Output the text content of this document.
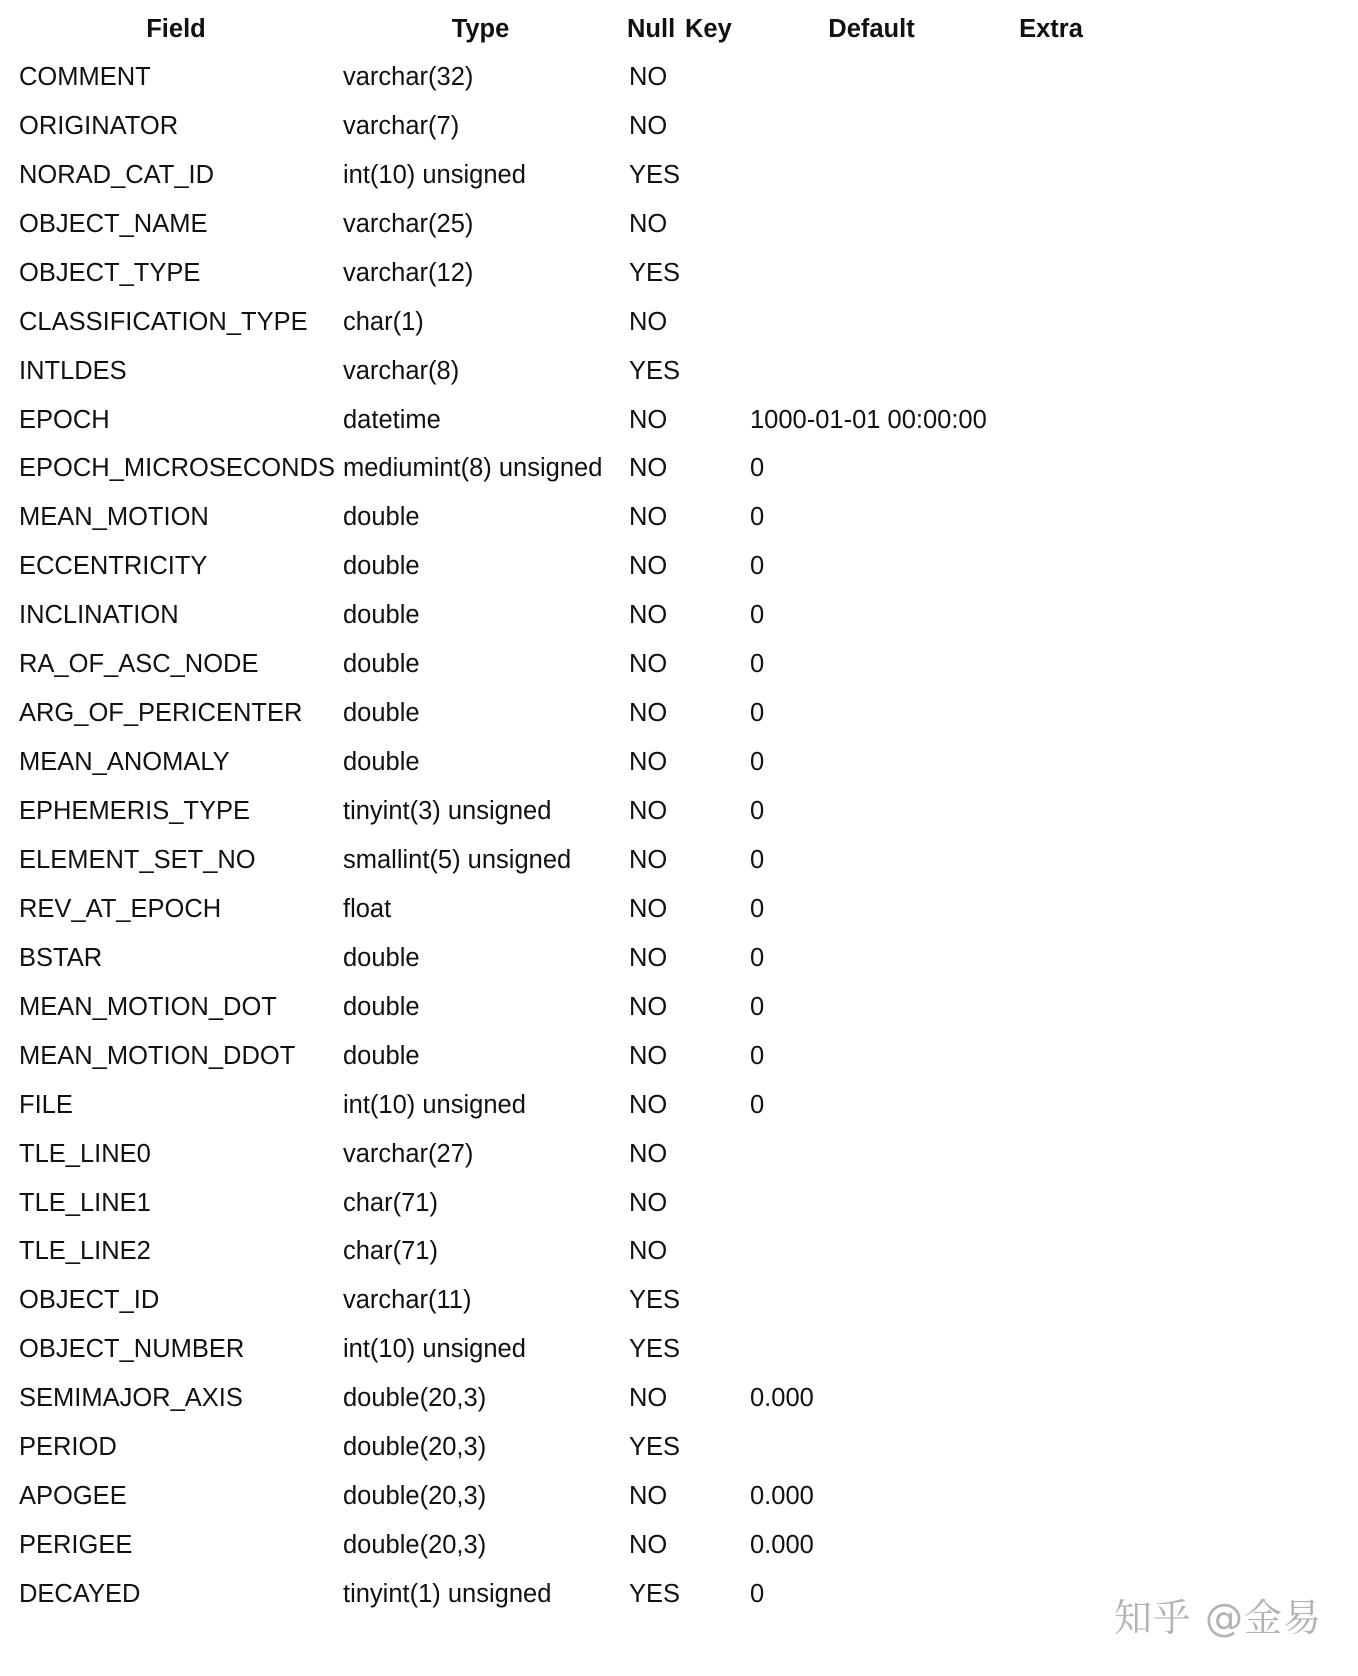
Field	Type	Null	Key	Default	Extra
COMMENT	varchar(32)	NO			
ORIGINATOR	varchar(7)	NO			
NORAD_CAT_ID	int(10) unsigned	YES			
OBJECT_NAME	varchar(25)	NO			
OBJECT_TYPE	varchar(12)	YES			
CLASSIFICATION_TYPE	char(1)	NO			
INTLDES	varchar(8)	YES			
EPOCH	datetime	NO		1000-01-01 00:00:00	
EPOCH_MICROSECONDS	mediumint(8) unsigned	NO		0	
MEAN_MOTION	double	NO		0	
ECCENTRICITY	double	NO		0	
INCLINATION	double	NO		0	
RA_OF_ASC_NODE	double	NO		0	
ARG_OF_PERICENTER	double	NO		0	
MEAN_ANOMALY	double	NO		0	
EPHEMERIS_TYPE	tinyint(3) unsigned	NO		0	
ELEMENT_SET_NO	smallint(5) unsigned	NO		0	
REV_AT_EPOCH	float	NO		0	
BSTAR	double	NO		0	
MEAN_MOTION_DOT	double	NO		0	
MEAN_MOTION_DDOT	double	NO		0	
FILE	int(10) unsigned	NO		0	
TLE_LINE0	varchar(27)	NO			
TLE_LINE1	char(71)	NO			
TLE_LINE2	char(71)	NO			
OBJECT_ID	varchar(11)	YES			
OBJECT_NUMBER	int(10) unsigned	YES			
SEMIMAJOR_AXIS	double(20,3)	NO		0.000	
PERIOD	double(20,3)	YES			
APOGEE	double(20,3)	NO		0.000	
PERIGEE	double(20,3)	NO		0.000	
DECAYED	tinyint(1) unsigned	YES		0	
知乎 @金易
